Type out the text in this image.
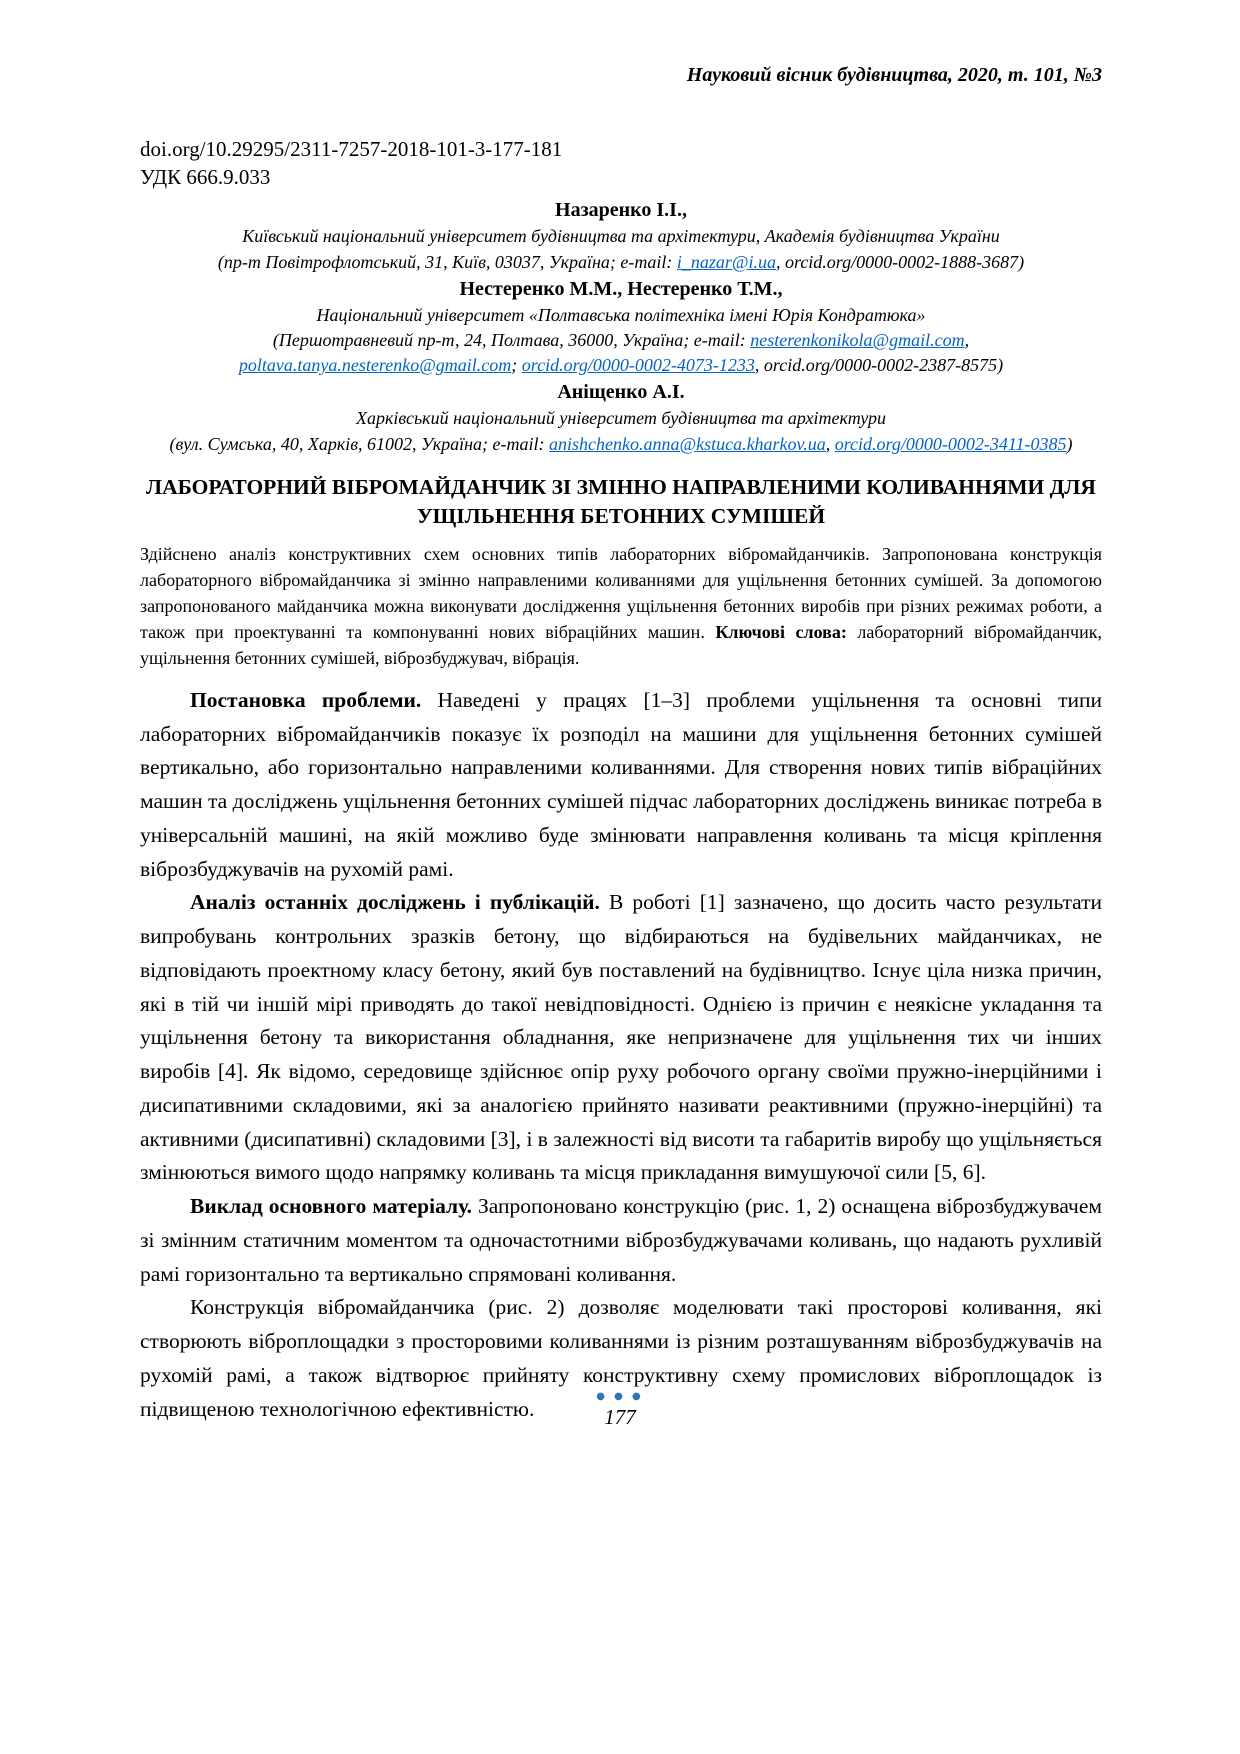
Науковий вісник будівництва, 2020, т. 101, №3
doi.org/10.29295/2311-7257-2018-101-3-177-181
УДК 666.9.033
Назаренко І.І.,
Київський національний університет будівництва та архітектури, Академія будівництва України
(пр-т Повітрофлотський, 31, Київ, 03037, Україна; e-mail: i_nazar@i.ua, orcid.org/0000-0002-1888-3687)
Нестеренко М.М., Нестеренко Т.М.,
Національний університет «Полтавська політехніка імені Юрія Кондратюка»
(Першотравневий пр-т, 24, Полтава, 36000, Україна; e-mail: nesterenkonikola@gmail.com, poltava.tanya.nesterenko@gmail.com; orcid.org/0000-0002-4073-1233, orcid.org/0000-0002-2387-8575)
Аніщенко А.І.
Харківський національний університет будівництва та архітектури
(вул. Сумська, 40, Харків, 61002, Україна; e-mail: anishchenko.anna@kstuca.kharkov.ua, orcid.org/0000-0002-3411-0385)
ЛАБОРАТОРНИЙ ВІБРОМАЙДАНЧИК ЗІ ЗМІННО НАПРАВЛЕНИМИ КОЛИВАННЯМИ ДЛЯ УЩІЛЬНЕННЯ БЕТОННИХ СУМІШЕЙ
Здійснено аналіз конструктивних схем основних типів лабораторних вібромайданчиків. Запропонована конструкція лабораторного вібромайданчика зі змінно направленими коливаннями для ущільнення бетонних сумішей. За допомогою запропонованого майданчика можна виконувати дослідження ущільнення бетонних виробів при різних режимах роботи, а також при проектуванні та компонуванні нових вібраційних машин. Ключові слова: лабораторний вібромайданчик, ущільнення бетонних сумішей, віброзбуджувач, вібрація.

Постановка проблеми. Наведені у працях [1–3] проблеми ущільнення та основні типи лабораторних вібромайданчиків показує їх розподіл на машини для ущільнення бетонних сумішей вертикально, або горизонтально направленими коливаннями. Для створення нових типів вібраційних машин та досліджень ущільнення бетонних сумішей підчас лабораторних досліджень виникає потреба в універсальній машині, на якій можливо буде змінювати направлення коливань та місця кріплення віброзбуджувачів на рухомій рамі.

Аналіз останніх досліджень і публікацій. В роботі [1] зазначено, що досить часто результати випробувань контрольних зразків бетону, що відбираються на будівельних майданчиках, не відповідають проектному класу бетону, який був поставлений на будівництво. Існує ціла низка причин, які в тій чи іншій мірі приводять до такої невідповідності. Однією із причин є неякісне укладання та ущільнення бетону та використання обладнання, яке непризначене для ущільнення тих чи інших виробів [4]. Як відомо, середовище здійснює опір руху робочого органу своїми пружно-інерційними і дисипативними складовими, які за аналогією прийнято називати реактивними (пружно-інерційні) та активними (дисипативні) складовими [3], і в залежності від висоти та габаритів виробу що ущільняється змінюються вимого щодо напрямку коливань та місця прикладання вимушуючої сили [5, 6].

Виклад основного матеріалу. Запропоновано конструкцію (рис. 1, 2) оснащена віброзбуджувачем зі змінним статичним моментом та одночастотними віброзбуджувачами коливань, що надають рухливій рамі горизонтально та вертикально спрямовані коливання.

Конструкція вібромайданчика (рис. 2) дозволяє моделювати такі просторові коливання, які створюють віброплощадки з просторовими коливаннями із різним розташуванням віброзбуджувачів на рухомій рамі, а також відтворює прийняту конструктивну схему промислових віброплощадок із підвищеною технологічною ефективністю.

● ● ●
177
